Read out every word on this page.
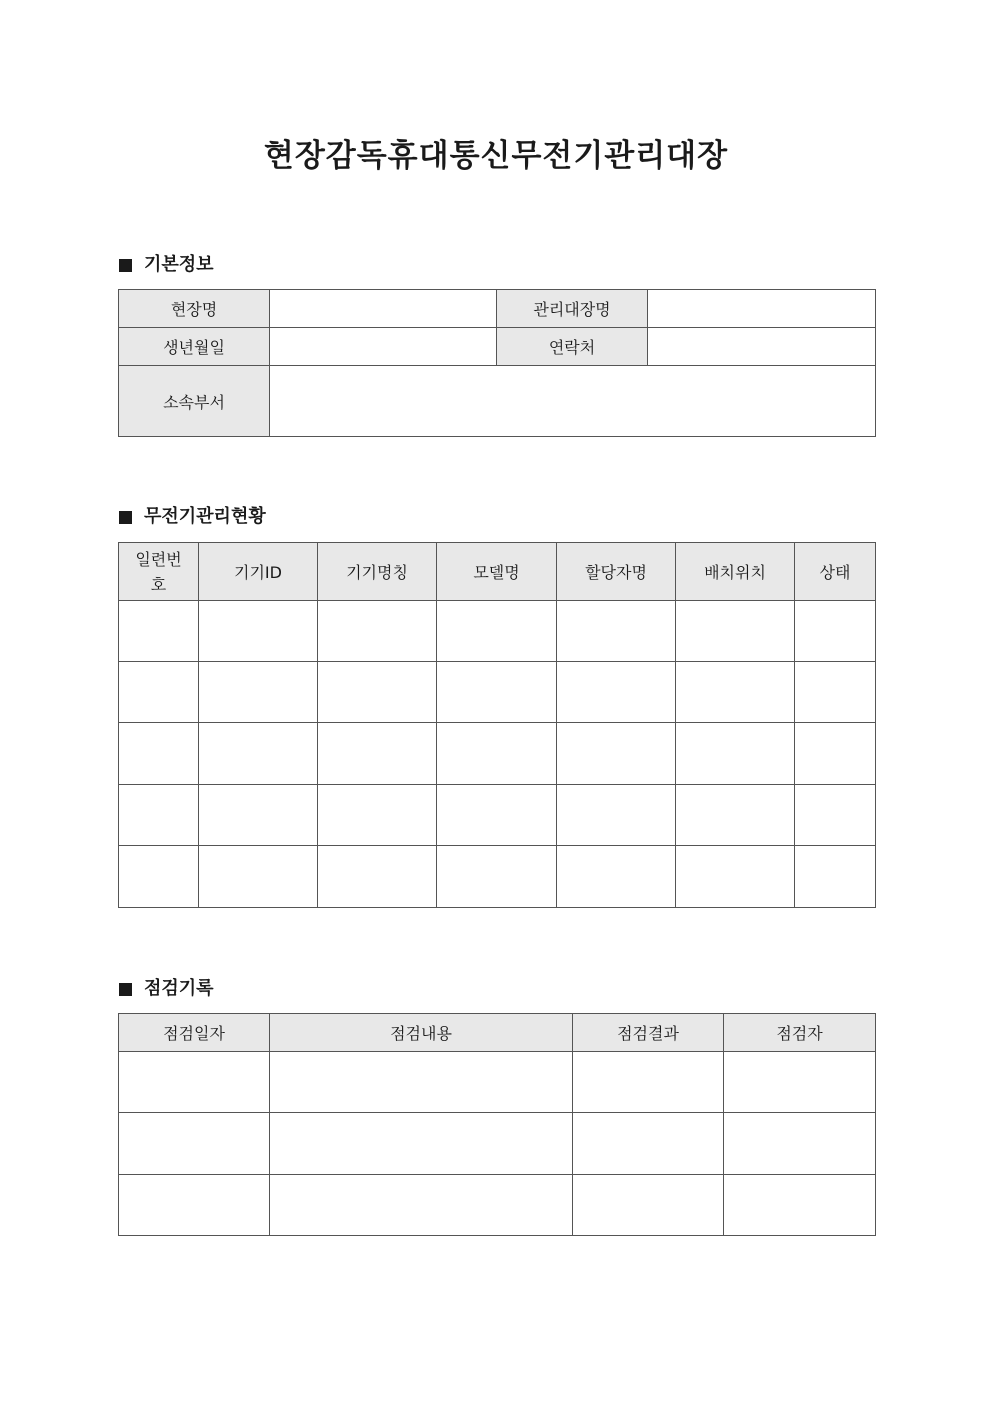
현장감독휴대통신무전기관리대장
기본정보
현장명		관리대장명	
생년월일		연락처	
소속부서			
무전기관리현황
일련번호	기기ID	기기명칭	모델명	할당자명	배치위치	상태

점검기록
점검일자	점검내용	점검결과	점검자
